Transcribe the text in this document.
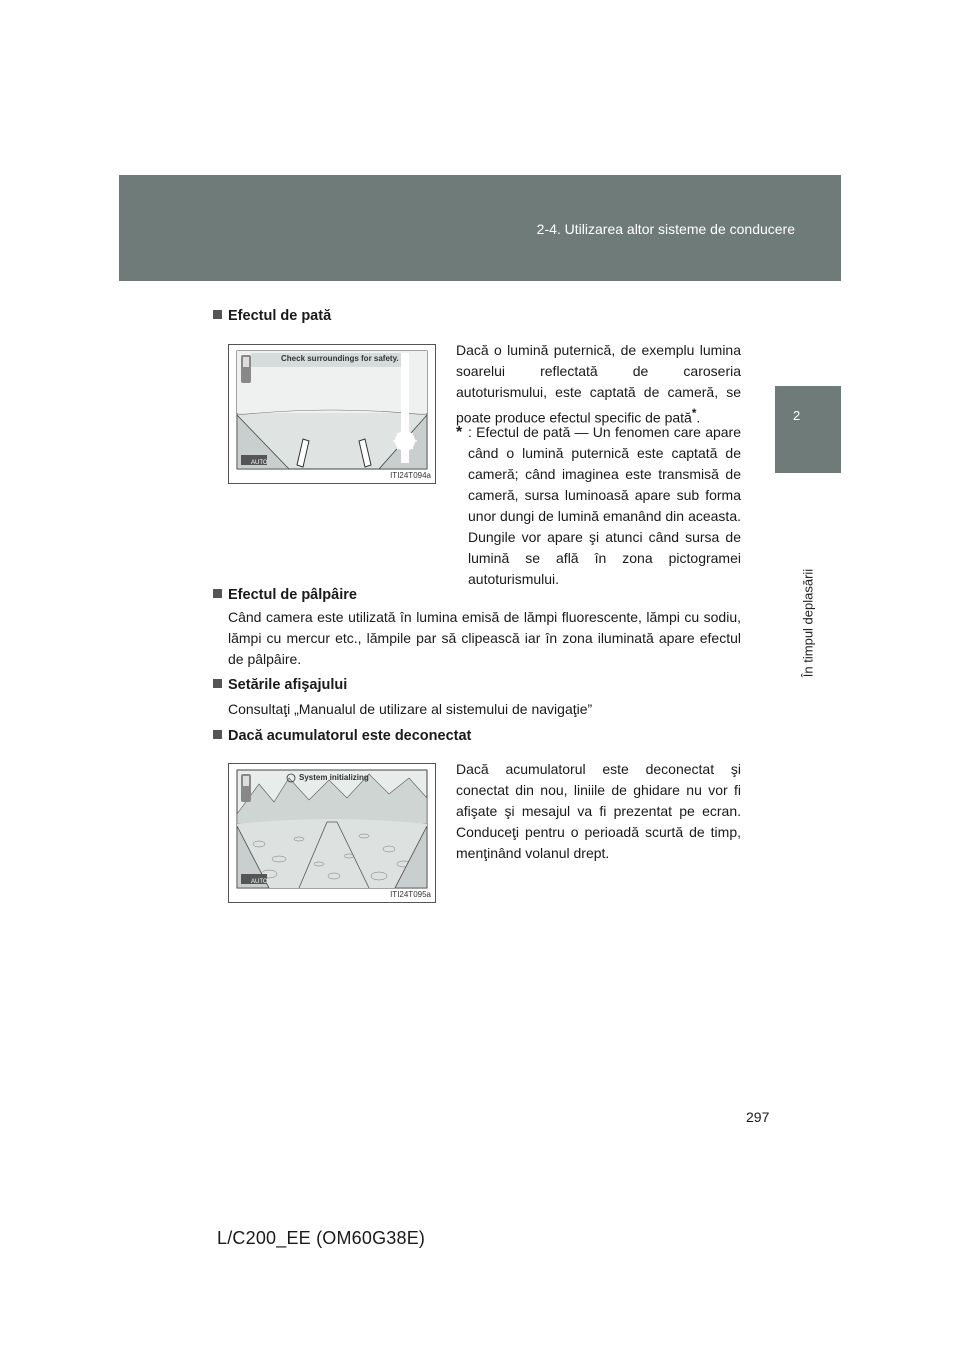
2-4. Utilizarea altor sisteme de conducere
2
În timpul deplasării
Efectul de pată
Check surroundings for safety.
AUTO
ITI24T094a
Dacă o lumină puternică, de exemplu lumina soarelui reflectată de caroseria autoturismului, este captată de cameră, se poate produce efectul specific de pată*.
* : Efectul de pată — Un fenomen care apare când o lumină puternică este captată de cameră; când imaginea este transmisă de cameră, sursa luminoasă apare sub forma unor dungi de lumină emanând din aceasta. Dungile vor apare şi atunci când sursa de lumină se află în zona pictogramei autoturismului.
Efectul de pâlpâire
Când camera este utilizată în lumina emisă de lămpi fluorescente, lămpi cu sodiu, lămpi cu mercur etc., lămpile par să clipească iar în zona iluminată apare efectul de pâlpâire.
Setările afişajului
Consultaţi „Manualul de utilizare al sistemului de navigaţie”
Dacă acumulatorul este deconectat
System initializing
AUTO
ITI24T095a
Dacă acumulatorul este deconectat şi conectat din nou, liniile de ghidare nu vor fi afişate şi mesajul va fi prezentat pe ecran. Conduceţi pentru o perioadă scurtă de timp, menţinând volanul drept.
297
L/C200_EE (OM60G38E)
